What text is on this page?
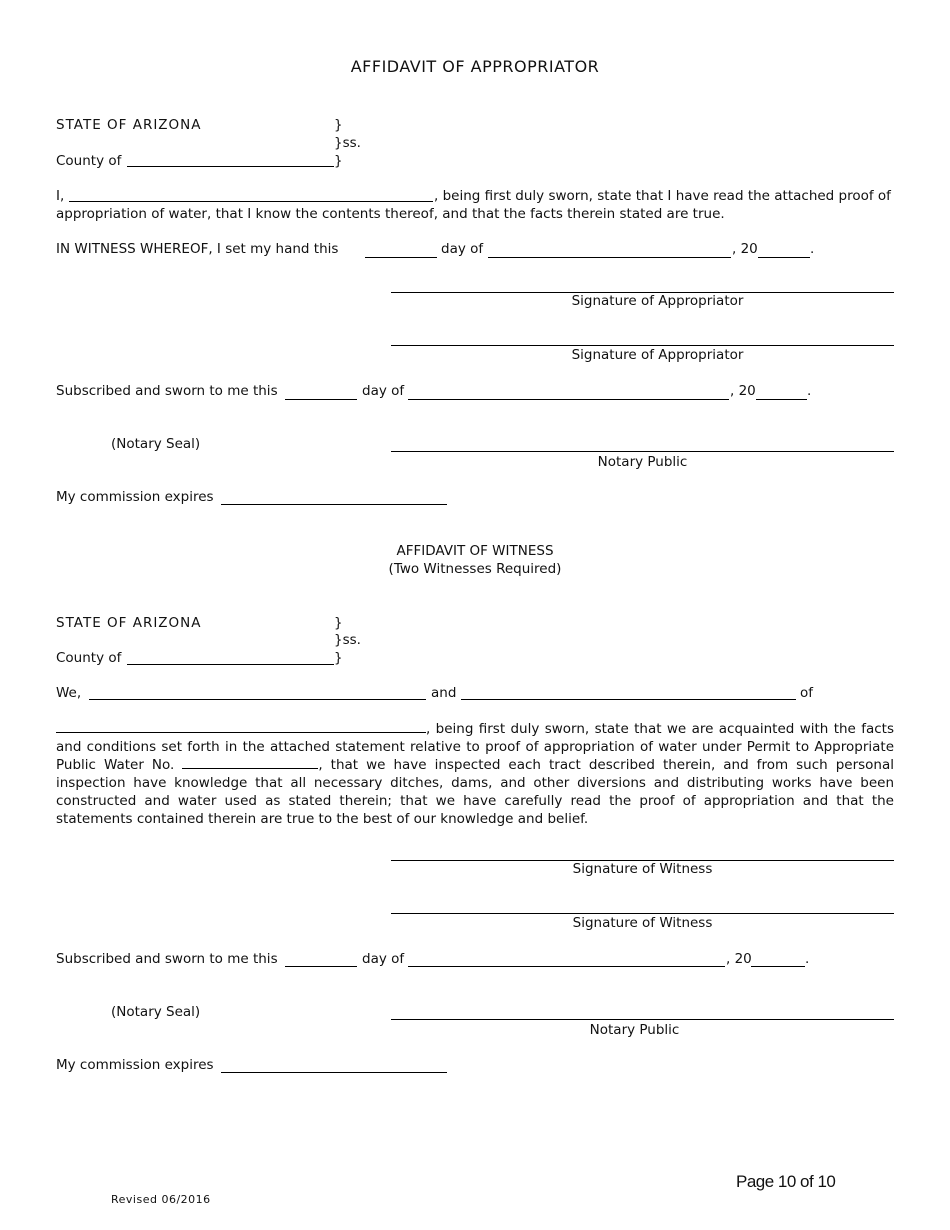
AFFIDAVIT OF APPROPRIATOR
STATE OF ARIZONA	}
}ss.
County of	}
I,	, being first duly sworn, state that I have read the attached proof of
appropriation of water, that I know the contents thereof, and that the facts therein stated are true.
IN WITNESS WHEREOF, I set my hand this	day of	, 20	.
Signature of Appropriator
Signature of Appropriator
Subscribed and sworn to me this	day of	, 20	.
(Notary Seal)
Notary Public
My commission expires
AFFIDAVIT OF WITNESS
(Two Witnesses Required)
STATE OF ARIZONA	}
}ss.
County of	}
We,	and	of
, being first duly sworn, state that we are acquainted with the facts and conditions set forth in the attached statement relative to proof of appropriation of water under Permit to Appropriate Public Water No.	, that we have inspected each tract described therein, and from such personal inspection have knowledge that all necessary ditches, dams, and other diversions and distributing works have been constructed and water used as stated therein; that we have carefully read the proof of appropriation and that the statements contained therein are true to the best of our knowledge and belief.
Signature of Witness
Signature of Witness
Subscribed and sworn to me this	day of	, 20	.
(Notary Seal)
Notary Public
My commission expires
Page 10 of 10
Revised 06/2016
